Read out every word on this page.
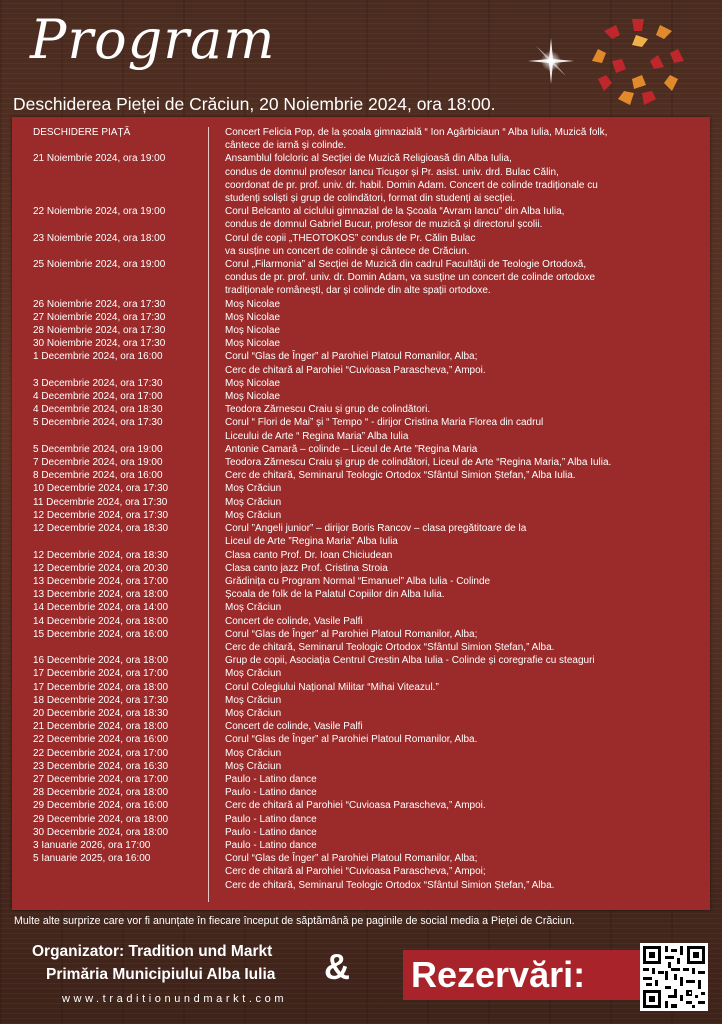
Program
Deschiderea Pieței de Crăciun, 20 Noiembrie 2024, ora 18:00.
DESCHIDERE PIAȚĂ	Concert Felicia Pop, de la școala gimnazială “ Ion Agârbiciaun “ Alba Iulia, Muzică folk,
cântece de iarnă și colinde.
21 Noiembrie 2024, ora 19:00	Ansamblul folcloric al Secției de Muzică Religioasă din Alba Iulia,
condus de domnul profesor Iancu Ticușor și Pr. asist. univ. drd. Bulac Călin,
coordonat de pr. prof. univ. dr. habil. Domin Adam. Concert de colinde tradiționale cu
studenți soliști și grup de colindători, format din studenți ai secției.
22 Noiembrie 2024, ora 19:00	Corul Belcanto al ciclului gimnazial de la Școala “Avram Iancu” din Alba Iulia,
condus de domnul Gabriel Bucur, profesor de muzică și directorul școlii.
23 Noiembrie 2024, ora 18:00	Corul de copii „THEOTOKOS” condus de Pr. Călin Bulac
va susține un concert de colinde și cântece de Crăciun.
25 Noiembrie 2024, ora 19:00	Corul „Filarmonia” al Secției de Muzică din cadrul Facultății de Teologie Ortodoxă,
condus de pr. prof. univ. dr. Domin Adam, va susține un concert de colinde ortodoxe
tradiționale românești, dar și colinde din alte spații ortodoxe.
26 Noiembrie 2024, ora 17:30	Moș Nicolae
27 Noiembrie 2024, ora 17:30	Moș Nicolae
28 Noiembrie 2024, ora 17:30	Moș Nicolae
30 Noiembrie 2024, ora 17:30	Moș Nicolae
1 Decembrie 2024, ora 16:00	Corul “Glas de Înger” al Parohiei Platoul Romanilor, Alba;
Cerc de chitară al Parohiei “Cuvioasa Parascheva,” Ampoi.
3 Decembrie 2024, ora 17:30	Moș Nicolae
4 Decembrie 2024, ora 17:00	Moș Nicolae
4 Decembrie 2024, ora 18:30	Teodora Zărnescu Craiu și grup de colindători.
5 Decembrie 2024, ora 17:30	Corul “ Flori de Mai” și “ Tempo “ - dirijor Cristina Maria Florea din cadrul
Liceului de Arte “ Regina Maria” Alba Iulia
5 Decembrie 2024, ora 19:00	Antonie Camară – colinde – Liceul de Arte ”Regina Maria
7 Decembrie 2024, ora 19:00	Teodora Zărnescu Craiu și grup de colindători, Liceul de Arte “Regina Maria,” Alba Iulia.
8 Decembrie 2024, ora 16:00	Cerc de chitară, Seminarul Teologic Ortodox “Sfântul Simion Ștefan,” Alba Iulia.
10 Decembrie 2024, ora 17:30	Moș Crăciun
11 Decembrie 2024, ora 17:30	Moș Crăciun
12 Decembrie 2024, ora 17:30	Moș Crăciun
12 Decembrie 2024, ora 18:30	Corul ”Angeli junior” – dirijor Boris Rancov – clasa pregătitoare de la
Liceul de Arte ”Regina Maria” Alba Iulia
12 Decembrie 2024, ora 18:30	Clasa canto Prof. Dr. Ioan Chiciudean
12 Decembrie 2024, ora 20:30	Clasa canto jazz Prof. Cristina Stroia
13 Decembrie 2024, ora 17:00	Grădinița cu Program Normal “Emanuel” Alba Iulia - Colinde
13 Decembrie 2024, ora 18:00	Școala de folk de la Palatul Copiilor din Alba Iulia.
14 Decembrie 2024, ora 14:00	Moș Crăciun
14 Decembrie 2024, ora 18:00	Concert de colinde, Vasile Palfi
15 Decembrie 2024, ora 16:00	Corul “Glas de Înger” al Parohiei Platoul Romanilor, Alba;
Cerc de chitară, Seminarul Teologic Ortodox “Sfântul Simion Ștefan,” Alba.
16 Decembrie 2024, ora 18:00	Grup de copii, Asociația Centrul Crestin Alba Iulia - Colinde și coregrafie cu steaguri
17 Decembrie 2024, ora 17:00	Moș Crăciun
17 Decembrie 2024, ora 18:00	Corul Colegiului Național Militar “Mihai Viteazul.”
18 Decembrie 2024, ora 17:30	Moș Crăciun
20 Decembrie 2024, ora 18:30	Moș Crăciun
21 Decembrie 2024, ora 18:00	Concert de colinde, Vasile Palfi
22 Decembrie 2024, ora 16:00	Corul “Glas de Înger” al Parohiei Platoul Romanilor, Alba.
22 Decembrie 2024, ora 17:00	Moș Crăciun
23 Decembrie 2024, ora 16:30	Moș Crăciun
27 Decembrie 2024, ora 17:00	Paulo - Latino dance
28 Decembrie 2024, ora 18:00	Paulo - Latino dance
29 Decembrie 2024, ora 16:00	Cerc de chitară al Parohiei “Cuvioasa Parascheva,” Ampoi.
29 Decembrie 2024, ora 18:00	Paulo - Latino dance
30 Decembrie 2024, ora 18:00	Paulo - Latino dance
3 Ianuarie 2026, ora 17:00	Paulo - Latino dance
5 Ianuarie 2025, ora 16:00	Corul “Glas de Înger” al Parohiei Platoul Romanilor, Alba;
Cerc de chitară al Parohiei “Cuvioasa Parascheva,” Ampoi;
Cerc de chitară, Seminarul Teologic Ortodox “Sfântul Simion Ștefan,” Alba.
Multe alte surprize care vor fi anunțate în fiecare început de săptămână pe paginile de social media a Pieței de Crăciun.
Organizator: Tradition und Markt
Primăria Municipiului Alba Iulia &
www.traditionundmarkt.com
Rezervări:
